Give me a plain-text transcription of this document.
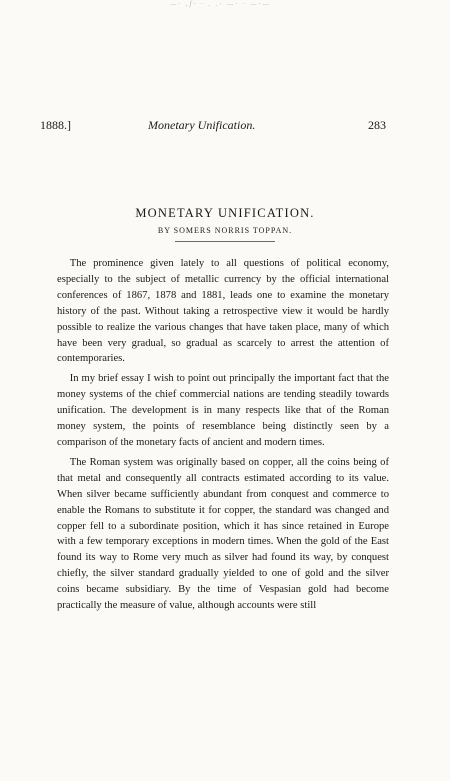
—· ,f· · . .· —· · —·—
1888.]	Monetary Unification.	283
MONETARY UNIFICATION.
BY SOMERS NORRIS TOPPAN.

The prominence given lately to all questions of political economy, especially to the subject of metallic currency by the official international conferences of 1867, 1878 and 1881, leads one to examine the monetary history of the past. Without taking a retrospective view it would be hardly possible to realize the various changes that have taken place, many of which have been very gradual, so gradual as scarcely to arrest the attention of contemporaries.

In my brief essay I wish to point out principally the important fact that the money systems of the chief commercial nations are tending steadily towards unification. The development is in many respects like that of the Roman money system, the points of resemblance being distinctly seen by a comparison of the monetary facts of ancient and modern times.

The Roman system was originally based on copper, all the coins being of that metal and consequently all contracts estimated according to its value. When silver became sufficiently abundant from conquest and commerce to enable the Romans to substitute it for copper, the standard was changed and copper fell to a subordinate position, which it has since retained in Europe with a few temporary exceptions in modern times. When the gold of the East found its way to Rome very much as silver had found its way, by conquest chiefly, the silver standard gradually yielded to one of gold and the silver coins became subsidiary. By the time of Vespasian gold had become practically the measure of value, although accounts were still
